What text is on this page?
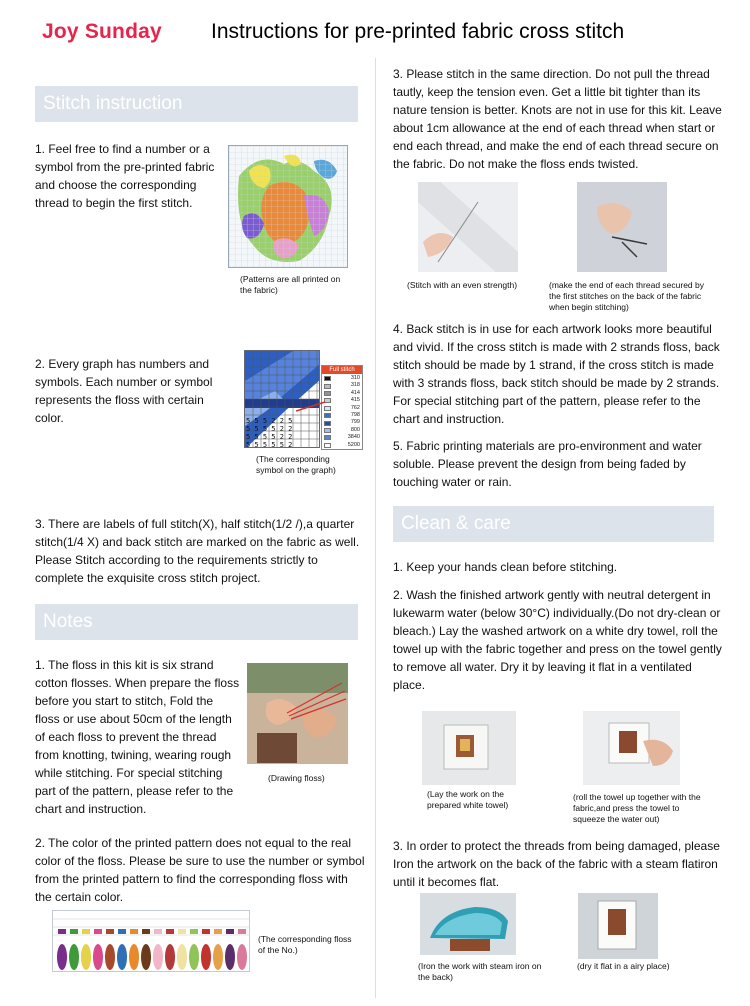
Joy Sunday Instructions for pre-printed fabric cross stitch
Stitch instruction
1. Feel free to find a number or a symbol from the pre-printed fabric and choose the corresponding thread to begin the first stitch.
(Patterns are all printed on the fabric)
2. Every graph has numbers and symbols. Each number or symbol represents the floss with certain color.
5 5 5 5 5 2
5 5 5 5 2 2
5 5 5 5 2 2
5 5 5 2 2 5
Full stitch
310
318
414
415
762
798
799
800
3840
5200
(The corresponding symbol on the graph)
3. There are labels of full stitch(X), half stitch(1/2 /),a quarter stitch(1/4 X) and back stitch are marked on the fabric as well. Please Stitch according to the requirements strictly to complete the exquisite cross stitch project.
Notes
1. The floss in this kit is six strand cotton flosses. When prepare the floss before you start to stitch, Fold the floss or use about 50cm of the length of each floss to prevent the thread from knotting, twining, wearing rough while stitching. For special stitching part of the pattern, please refer to the chart and instruction.
(Drawing floss)
2. The color of the printed pattern does not equal to the real color of the floss. Please be sure to use the number or symbol from the printed pattern to find the corresponding floss with the certain color.
(The corresponding floss of the No.)
3. Please stitch in the same direction. Do not pull the thread tautly, keep the tension even. Get a little bit tighter than its nature tension is better. Knots are not in use for this kit. Leave about 1cm allowance at the end of each thread when start or end each thread, and make the end of each thread secure on the fabric. Do not make the floss ends twisted.
(Stitch with an even strength)	(make the end of each thread secured by the first stitches on the back of the fabric when begin stitching)
4. Back stitch is in use for each artwork looks more beautiful and vivid. If the cross stitch is made with 2 strands floss, back stitch should be made by 1 strand, if the cross stitch is made with 3 strands floss, back stitch should be made by 2 strands. For special stitching part of the pattern, please refer to the chart and instruction.
5. Fabric printing materials are pro-environment and water soluble. Please prevent the design from being faded by touching water or rain.
Clean & care
1. Keep your hands clean before stitching.
2. Wash the finished artwork gently with neutral detergent in lukewarm water (below 30°C) individually.(Do not dry-clean or bleach.) Lay the washed artwork on a white dry towel, roll the towel up with the fabric together and press on the towel gently to remove all water. Dry it by leaving it flat in a ventilated place.
(Lay the work on the prepared white towel)
(roll the towel up together with the fabric,and press the towel to squeeze the water out)
3. In order to protect the threads from being damaged, please Iron the artwork on the back of the fabric with a steam flatiron until it becomes flat.
(Iron the work with steam iron on the back)
(dry it flat in a airy place)
